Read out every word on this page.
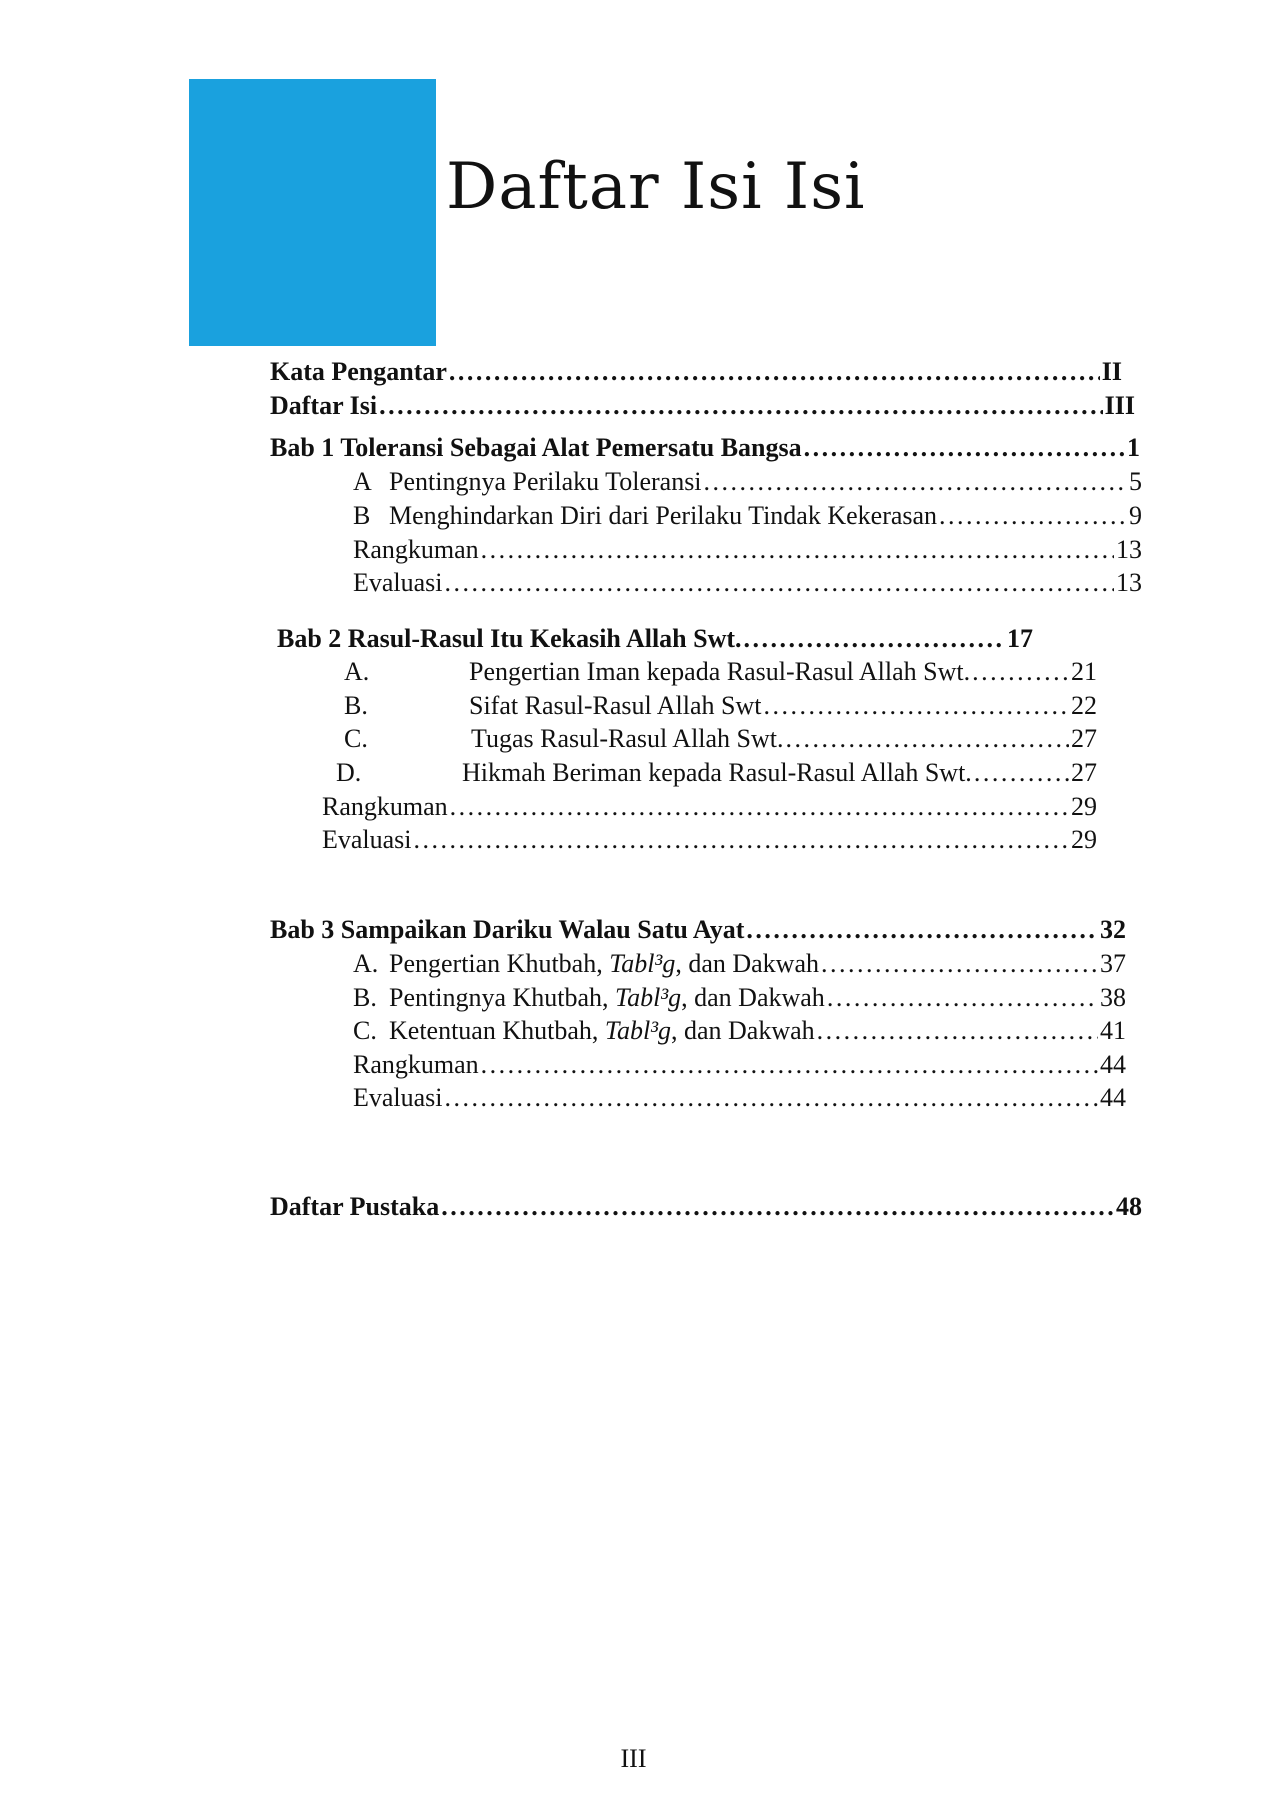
Daftar Isi Isi
Kata Pengantar . . .	II
Daftar Isi . . .	III
Bab 1 Toleransi Sebagai Alat Pemersatu Bangsa . . .	1
A Pentingnya Perilaku Toleransi . . .	5
B Menghindarkan Diri dari Perilaku Tindak Kekerasan . . .	9
Rangkuman . . .	13
Evaluasi . . .	13
Bab 2 Rasul-Rasul Itu Kekasih Allah Swt. . . .	17
A.	Pengertian Iman kepada Rasul-Rasul Allah Swt. . . .	21
B.	Sifat Rasul-Rasul Allah Swt . . .	22
C.	Tugas Rasul-Rasul Allah Swt. . . .	27
D.	Hikmah Beriman kepada Rasul-Rasul Allah Swt. . . .	27
Rangkuman . . .	29
Evaluasi . . .	29
Bab 3 Sampaikan Dariku Walau Satu Ayat . . .	32
A. Pengertian Khutbah, Tabl³g, dan Dakwah . . .	37
B. Pentingnya Khutbah, Tabl³g, dan Dakwah . . .	38
C. Ketentuan Khutbah, Tabl³g, dan Dakwah . . .	41
Rangkuman . . .	44
Evaluasi . . .	44
Daftar Pustaka . . .	48
III
